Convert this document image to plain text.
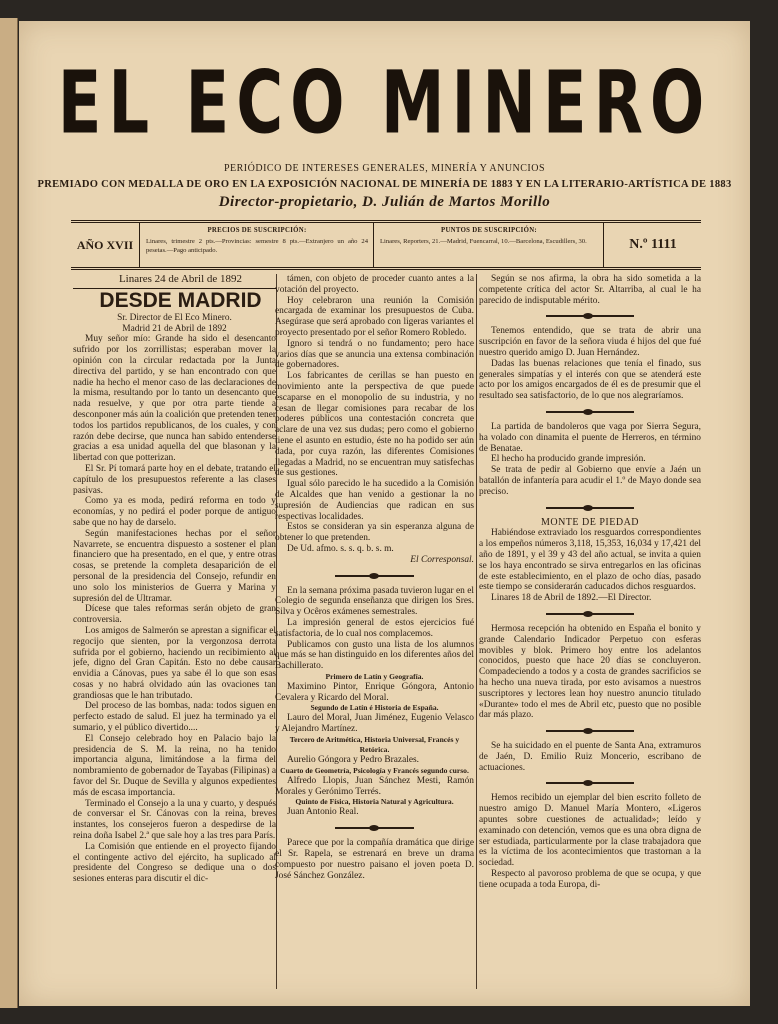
EL ECO MINERO
PERIÓDICO DE INTERESES GENERALES, MINERÍA Y ANUNCIOS
PREMIADO CON MEDALLA DE ORO EN LA EXPOSICIÓN NACIONAL DE MINERÍA DE 1883 Y EN LA LITERARIO-ARTÍSTICA DE 1883
Director-propietario, D. Julián de Martos Morillo
AÑO XVII
PRECIOS DE SUSCRIPCIÓN:
Linares, trimestre 2 pts.—Provincias: semestre 8 pts.—Extranjero un año 24 pesetas.—Pago anticipado.
PUNTOS DE SUSCRIPCIÓN:
Linares, Reporters, 21.—Madrid, Fuencarral, 10.—Barcelona, Escudillers, 30.	N.º 1111

Linares 24 de Abril de 1892

DESDE MADRID

Sr. Director de El Eco Minero.

Madrid 21 de Abril de 1892

Muy señor mío: Grande ha sido el desencanto sufrido por los zorrillistas; esperaban mover la opinión con la circular redactada por la Junta directiva del partido, y se han encontrado con que nadie ha hecho el menor caso de las declaraciones de la misma, resultando por lo tanto un desencanto que nada resuelve, y que por otra parte tiende a desconponer más aún la coalición que pretenden tener todos los partidos republicanos, de los cuales, y con razón debe decirse, que nunca han sabido entenderse gracias a esa unidad aquella del que blasonan y la libertad con que potterizan.

El Sr. Pí tomará parte hoy en el debate, tratando el capítulo de los presupuestos referente a las clases pasivas.

Como ya es moda, pedirá reforma en todo y economías, y no pedirá el poder porque de antiguo sabe que no hay de darselo.

Según manifestaciones hechas por el señor Navarrete, se encuentra dispuesto a sostener el plan financiero que ha presentado, en el que, y entre otras cosas, se pretende la completa desaparición de el personal de la presidencia del Consejo, refundir en uno solo los ministerios de Guerra y Marina y supresión del de Ultramar.

Dícese que tales reformas serán objeto de gran controversia.

Los amigos de Salmerón se aprestan a significar el regocijo que sienten, por la vergonzosa derrota sufrida por el gobierno, haciendo un recibimiento al jefe, digno del Gran Capitán. Esto no debe causar envidia a Cánovas, pues ya sabe él lo que son esas cosas y no habrá olvidado aún las ovaciones tan grandiosas que le han tributado.

Del proceso de las bombas, nada: todos siguen en perfecto estado de salud. El juez ha terminado ya el sumario, y el público divertido....

El Consejo celebrado hoy en Palacio bajo la presidencia de S. M. la reina, no ha tenido importancia alguna, limitándose a la firma del nombramiento de gobernador de Tayabas (Filipinas) a favor del Sr. Duque de Sevilla y algunos expedientes más de escasa importancia.

Terminado el Consejo a la una y cuarto, y después de conversar el Sr. Cánovas con la reina, breves instantes, los consejeros fueron a despedirse de la reina doña Isabel 2.ª que sale hoy a las tres para París.

La Comisión que entiende en el proyecto fijando el contingente activo del ejército, ha suplicado al presidente del Congreso se dedique una o dos sesiones enteras para discutir el dic-

támen, con objeto de proceder cuanto antes a la votación del proyecto.

Hoy celebraron una reunión la Comisión encargada de examinar los presupuestos de Cuba. Asegúrase que será aprobado con ligeras variantes el proyecto presentado por el señor Romero Robledo.

Ignoro si tendrá o no fundamento; pero hace varios días que se anuncia una extensa combinación de gobernadores.

Los fabricantes de cerillas se han puesto en movimiento ante la perspectiva de que puede escaparse en el monopolio de su industria, y no cesan de llegar comisiones para recabar de los poderes públicos una contestación concreta que aclare de una vez sus dudas; pero como el gobierno tiene el asunto en estudio, éste no ha podido ser aún dada, por cuya razón, las diferentes Comisiones llegadas a Madrid, no se encuentran muy satisfechas de sus gestiones.

Igual sólo parecido le ha sucedido a la Comisión de Alcaldes que han venido a gestionar la no supresión de Audiencias que radican en sus respectivas localidades.

Estos se consideran ya sin esperanza alguna de obtener lo que pretenden.

De Ud. afmo. s. s. q. b. s. m.

El Corresponsal.

En la semana próxima pasada tuvieron lugar en el Colegio de segunda enseñanza que dirigen los Sres. Silva y Ocêros exámenes semestrales.

La impresión general de estos ejercicios fué satisfactoria, de lo cual nos complacemos.

Publicamos con gusto una lista de los alumnos que más se han distinguido en los diferentes años del Bachillerato.

Primero de Latín y Geografía.

Maximino Pintor, Enrique Góngora, Antonio Cevalera y Ricardo del Moral.

Segundo de Latín é Historia de España.

Lauro del Moral, Juan Jiménez, Eugenio Velasco y Alejandro Martínez.

Tercero de Aritmética, Historia Universal, Francés y Retórica.

Aurelio Góngora y Pedro Brazales.

Cuarto de Geometría, Psicología y Francés segundo curso.

Alfredo Llopis, Juan Sánchez Mesti, Ramón Morales y Gerónimo Terrés.

Quinto de Física, Historia Natural y Agricultura.

Juan Antonio Real.

Parece que por la compañía dramática que dirige el Sr. Rapela, se estrenará en breve un drama compuesto por nuestro paisano el joven poeta D. José Sánchez González.

Según se nos afirma, la obra ha sido sometida a la competente crítica del actor Sr. Altarriba, al cual le ha parecido de indisputable mérito.

Tenemos entendido, que se trata de abrir una suscripción en favor de la señora viuda é hijos del que fué nuestro querido amigo D. Juan Hernández.

Dadas las buenas relaciones que tenía el finado, sus generales simpatías y el interés con que se atenderá este acto por los amigos encargados de él es de presumir que el resultado sea satisfactorio, de lo que nos alegraríamos.

La partida de bandoleros que vaga por Sierra Segura, ha volado con dinamita el puente de Herreros, en término de Benatae.

El hecho ha producido grande impresión.

Se trata de pedir al Gobierno que envíe a Jaén un batallón de infantería para acudir el 1.º de Mayo donde sea preciso.

MONTE DE PIEDAD

Habiéndose extraviado los resguardos correspondientes a los empeños números 3,118, 15,353, 16,034 y 17,421 del año de 1891, y el 39 y 43 del año actual, se invita a quien se los haya encontrado se sirva entregarlos en las oficinas de este establecimiento, en el plazo de ocho días, pasado este tiempo se considerarán caducados dichos resguardos.

Linares 18 de Abril de 1892.—El Director.

Hermosa recepción ha obtenido en España el bonito y grande Calendario Indicador Perpetuo con esferas movibles y blok. Primero hoy entre los adelantos conocidos, puesto que hace 20 días se concluyeron. Compadeciendo a todos y a costa de grandes sacrificios se ha hecho una nueva tirada, por esto avisamos a nuestros suscriptores y lectores lean hoy nuestro anuncio titulado «Durante» todo el mes de Abril etc, puesto que no posible dar más plazo.

Se ha suicidado en el puente de Santa Ana, extramuros de Jaén, D. Emilio Ruiz Moncerio, escribano de actuaciones.

Hemos recibido un ejemplar del bien escrito folleto de nuestro amigo D. Manuel María Montero, «Ligeros apuntes sobre cuestiones de actualidad»; leído y examinado con detención, vemos que es una obra digna de ser estudiada, particularmente por la clase trabajadora que es la víctima de los acontecimientos que trastornan a la sociedad.

Respecto al pavoroso problema de que se ocupa, y que tiene ocupada a toda Europa, di-
